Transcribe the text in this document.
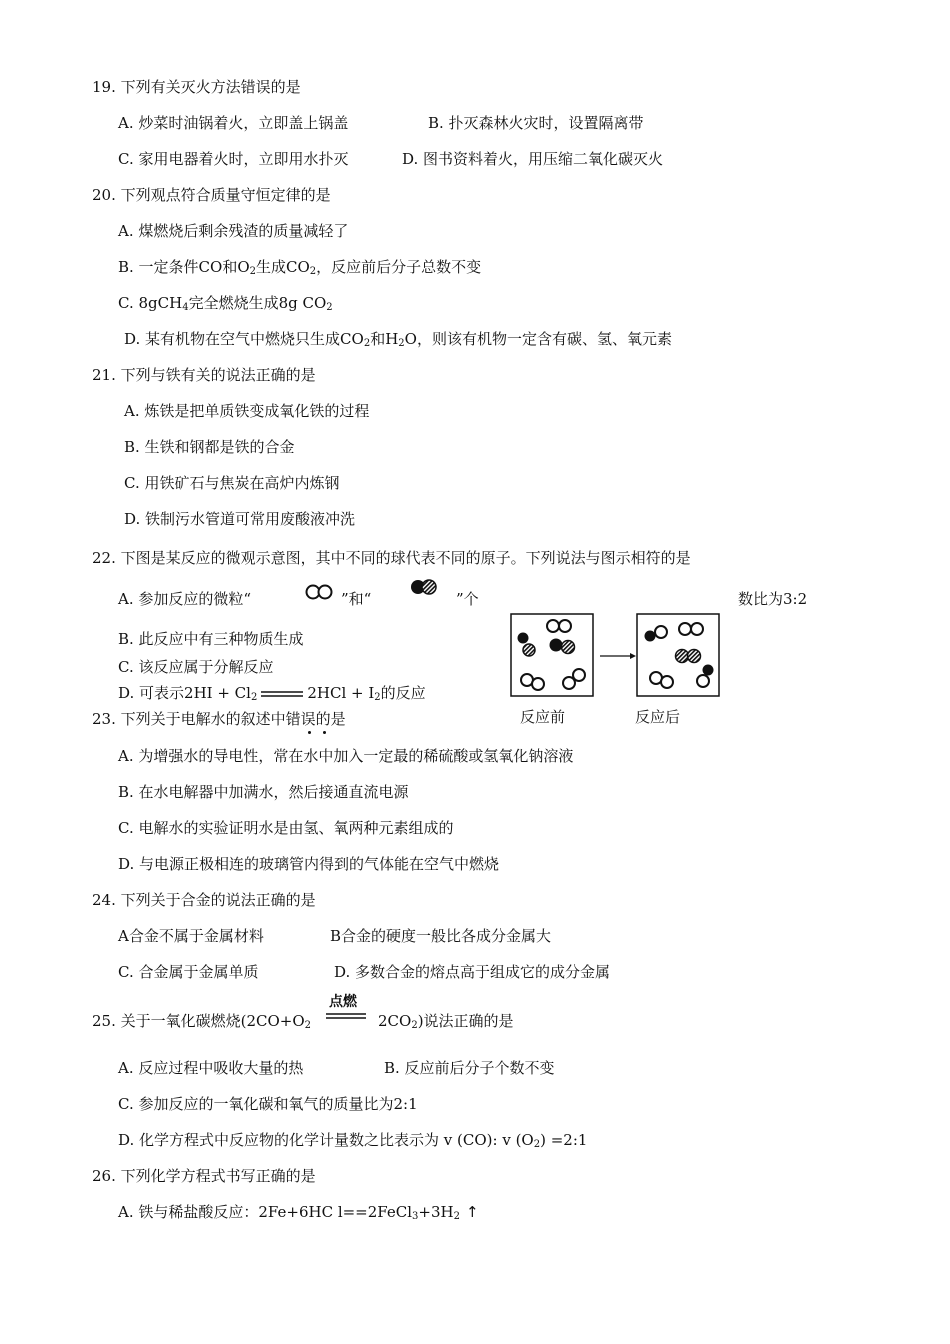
19. 下列有关灭火方法错误的是
A. 炒菜时油锅着火，立即盖上锅盖	B. 扑灭森林火灾时，设置隔离带
C. 家用电器着火时，立即用水扑灭	D. 图书资料着火，用压缩二氧化碳灭火
20. 下列观点符合质量守恒定律的是
A. 煤燃烧后剩余残渣的质量减轻了
B. 一定条件CO和$O_2$生成$CO_2$，反应前后分子总数不变
C. 8gCH$_4$完全燃烧生成8g $CO_2$
D. 某有机物在空气中燃烧只生成$CO_2$和$H_2O$，则该有机物一定含有碳、氢、氧元素
21. 下列与铁有关的说法正确的是
A. 炼铁是把单质铁变成氧化铁的过程
B. 生铁和钢都是铁的合金
C. 用铁矿石与焦炭在高炉内炼钢
D. 铁制污水管道可常用废酸液冲洗
22. 下图是某反应的微观示意图，其中不同的球代表不同的原子。下列说法与图示相符的是
A. 参加反应的微粒“	”和“	”个	数比为3:2
B. 此反应中有三种物质生成
C. 该反应属于分解反应
D. 可表示$2HI + Cl_2$	$2HCl + I_2$的反应
反应前	反应后
23. 下列关于电解水的叙述中错误的是
A. 为增强水的导电性，常在水中加入一定最的稀硫酸或氢氧化钠溶液
B. 在水电解器中加满水，然后接通直流电源
C. 电解水的实验证明水是由氢、氧两种元素组成的
D. 与电源正极相连的玻璃管内得到的气体能在空气中燃烧
24. 下列关于合金的说法正确的是
A合金不属于金属材料	B合金的硬度一般比各成分金属大
C. 合金属于金属单质	D. 多数合金的熔点高于组成它的成分金属
点燃
25. 关于一氧化碳燃烧($2CO+O_2$	$2CO_2$)说法正确的是
A. 反应过程中吸收大量的热	B. 反应前后分子个数不变
C. 参加反应的一氧化碳和氧气的质量比为2:1
D. 化学方程式中反应物的化学计量数之比表示为 v (CO): v $(O_2)$ =2:1
26. 下列化学方程式书写正确的是
A. 铁与稀盐酸反应：2Fe+6HC $l==2FeCl_3+3H_2$ ↑
